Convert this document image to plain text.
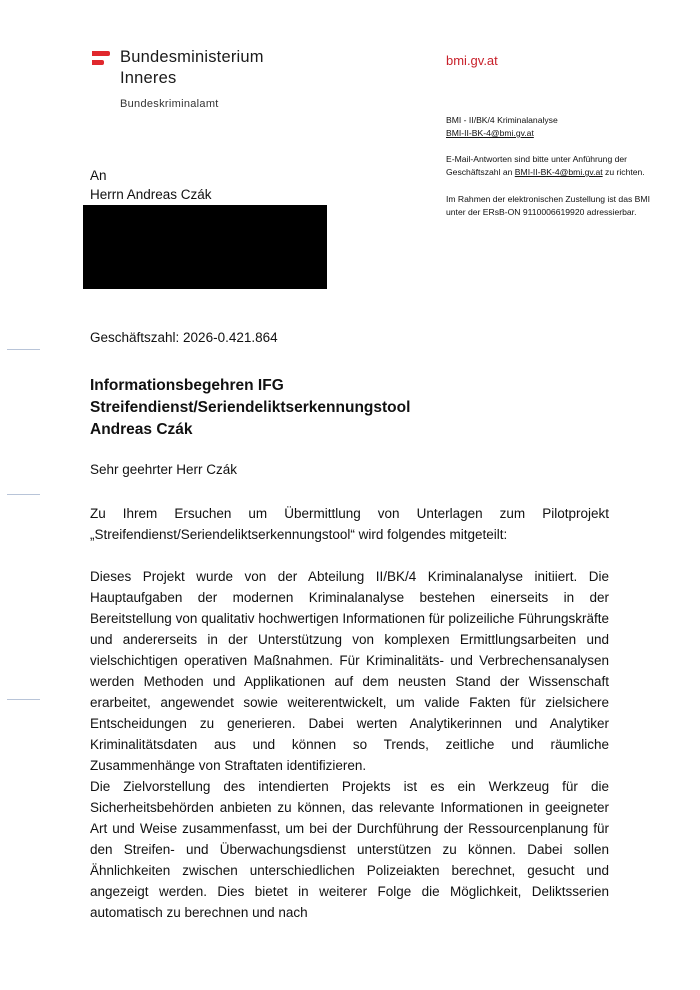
Bundesministerium
Inneres
Bundeskriminalamt
bmi.gv.at
BMI - II/BK/4 Kriminalanalyse
BMI-II-BK-4@bmi.gv.at
E-Mail-Antworten sind bitte unter Anführung der
Geschäftszahl an BMI-II-BK-4@bmi.gv.at zu richten.
Im Rahmen der elektronischen Zustellung ist das BMI
unter der ERsB-ON 9110006619920 adressierbar.
An
Herrn Andreas Czák
Geschäftszahl: 2026-0.421.864
Informationsbegehren IFG
Streifendienst/Seriendeliktserkennungstool
Andreas Czák
Sehr geehrter Herr Czák

Zu Ihrem Ersuchen um Übermittlung von Unterlagen zum Pilotprojekt „Streifendienst/Seriendeliktserkennungstool“ wird folgendes mitgeteilt:

Dieses Projekt wurde von der Abteilung II/BK/4 Kriminalanalyse initiiert. Die Hauptaufgaben der modernen Kriminalanalyse bestehen einerseits in der Bereitstellung von qualitativ hochwertigen Informationen für polizeiliche Führungskräfte und andererseits in der Unterstützung von komplexen Ermittlungsarbeiten und vielschichtigen operativen Maßnahmen. Für Kriminalitäts- und Verbrechensanalysen werden Methoden und Applikationen auf dem neusten Stand der Wissenschaft erarbeitet, angewendet sowie weiterentwickelt, um valide Fakten für zielsichere Entscheidungen zu generieren. Dabei werten Analytikerinnen und Analytiker Kriminalitätsdaten aus und können so Trends, zeitliche und räumliche Zusammenhänge von Straftaten identifizieren.

Die Zielvorstellung des intendierten Projekts ist es ein Werkzeug für die Sicherheitsbehörden anbieten zu können, das relevante Informationen in geeigneter Art und Weise zusammenfasst, um bei der Durchführung der Ressourcenplanung für den Streifen- und Überwachungsdienst unterstützen zu können. Dabei sollen Ähnlichkeiten zwischen unterschiedlichen Polizeiakten berechnet, gesucht und angezeigt werden. Dies bietet in weiterer Folge die Möglichkeit, Deliktsserien automatisch zu berechnen und nach
